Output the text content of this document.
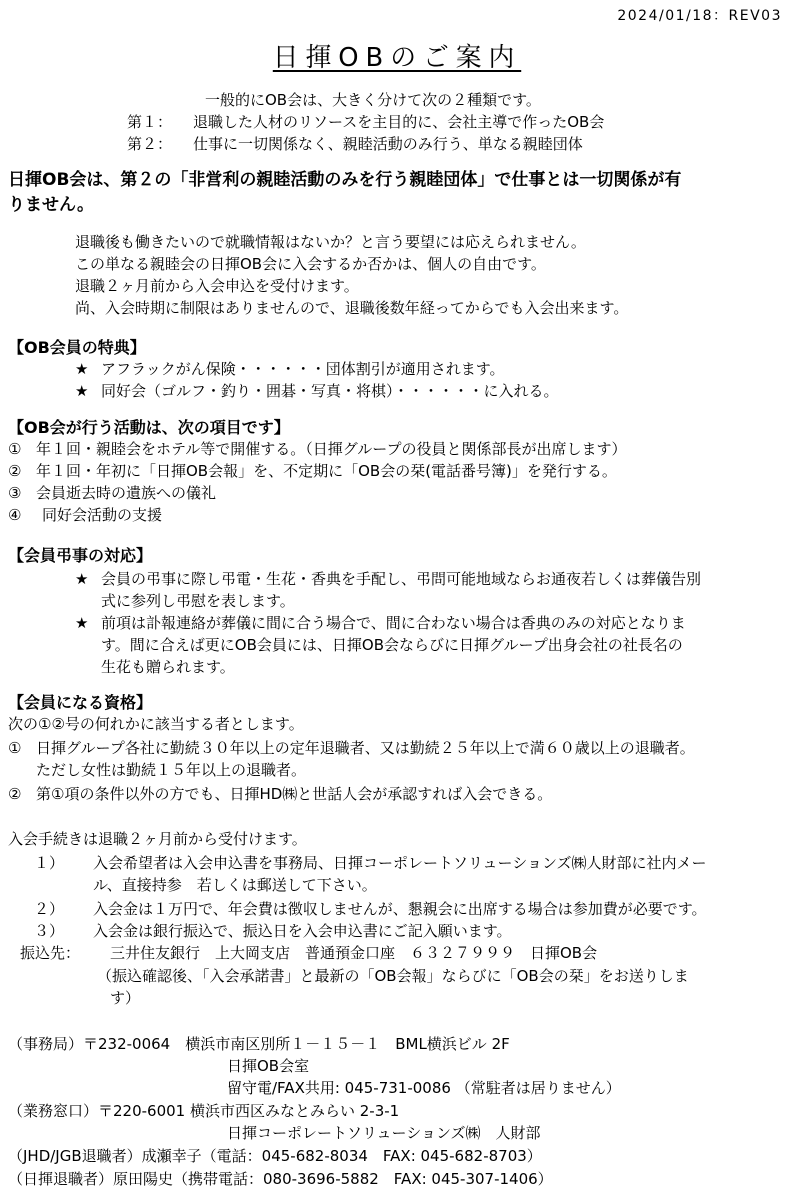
2024/01/18：REV03
日揮OBのご案内
一般的にOB会は、大きく分けて次の２種類です。
第１： 退職した人材のリソースを主目的に、会社主導で作ったOB会
第２： 仕事に一切関係なく、親睦活動のみ行う、単なる親睦団体
日揮OB会は、第２の「非営利の親睦活動のみを行う親睦団体」で仕事とは一切関係が有
りません。
退職後も働きたいので就職情報はないか？と言う要望には応えられません。
この単なる親睦会の日揮OB会に入会するか否かは、個人の自由です。
退職２ヶ月前から入会申込を受付けます。
尚、入会時期に制限はありませんので、退職後数年経ってからでも入会出来ます。
【OB会員の特典】
★ アフラックがん保険・・・・・・団体割引が適用されます。
★ 同好会（ゴルフ・釣り・囲碁・写真・将棋）・・・・・・に入れる。
【OB会が行う活動は、次の項目です】
① 年１回・親睦会をホテル等で開催する。（日揮グループの役員と関係部長が出席します）
② 年１回・年初に「日揮OB会報」を、不定期に「OB会の栞(電話番号簿)」を発行する。
③ 会員逝去時の遺族への儀礼
④ 同好会活動の支援
【会員弔事の対応】
★ 会員の弔事に際し弔電・生花・香典を手配し、弔問可能地域ならお通夜若しくは葬儀告別
式に参列し弔慰を表します。
★ 前項は訃報連絡が葬儀に間に合う場合で、間に合わない場合は香典のみの対応となりま
す。間に合えば更にOB会員には、日揮OB会ならびに日揮グループ出身会社の社長名の
生花も贈られます。
【会員になる資格】
次の①②号の何れかに該当する者とします。
① 日揮グループ各社に勤続３０年以上の定年退職者、又は勤続２５年以上で満６０歳以上の退職者。
ただし女性は勤続１５年以上の退職者。
② 第①項の条件以外の方でも、日揮HD㈱と世話人会が承認すれば入会できる。
入会手続きは退職２ヶ月前から受付けます。
１） 入会希望者は入会申込書を事務局、日揮コーポレートソリューションズ㈱人財部に社内メー
ル、直接持参　若しくは郵送して下さい。
２） 入会金は１万円で、年会費は徴収しませんが、懇親会に出席する場合は参加費が必要です。
３） 入会金は銀行振込で、振込日を入会申込書にご記入願います。
振込先： 三井住友銀行　上大岡支店　普通預金口座　６３２７９９９　日揮OB会
（振込確認後、「入会承諾書」と最新の「OB会報」ならびに「OB会の栞」をお送りしま
す）
（事務局）〒232-0064　横浜市南区別所１－１５－１　BML横浜ビル 2F
日揮OB会室
留守電/FAX共用: 045-731-0086 （常駐者は居りません）
（業務窓口）〒220-6001 横浜市西区みなとみらい 2-3-1
日揮コーポレートソリューションズ㈱　人財部
（JHD/JGB退職者）成瀬幸子（電話：045-682-8034　FAX: 045-682-8703）
（日揮退職者）原田陽史（携帯電話：080-3696-5882　FAX: 045-307-1406）
